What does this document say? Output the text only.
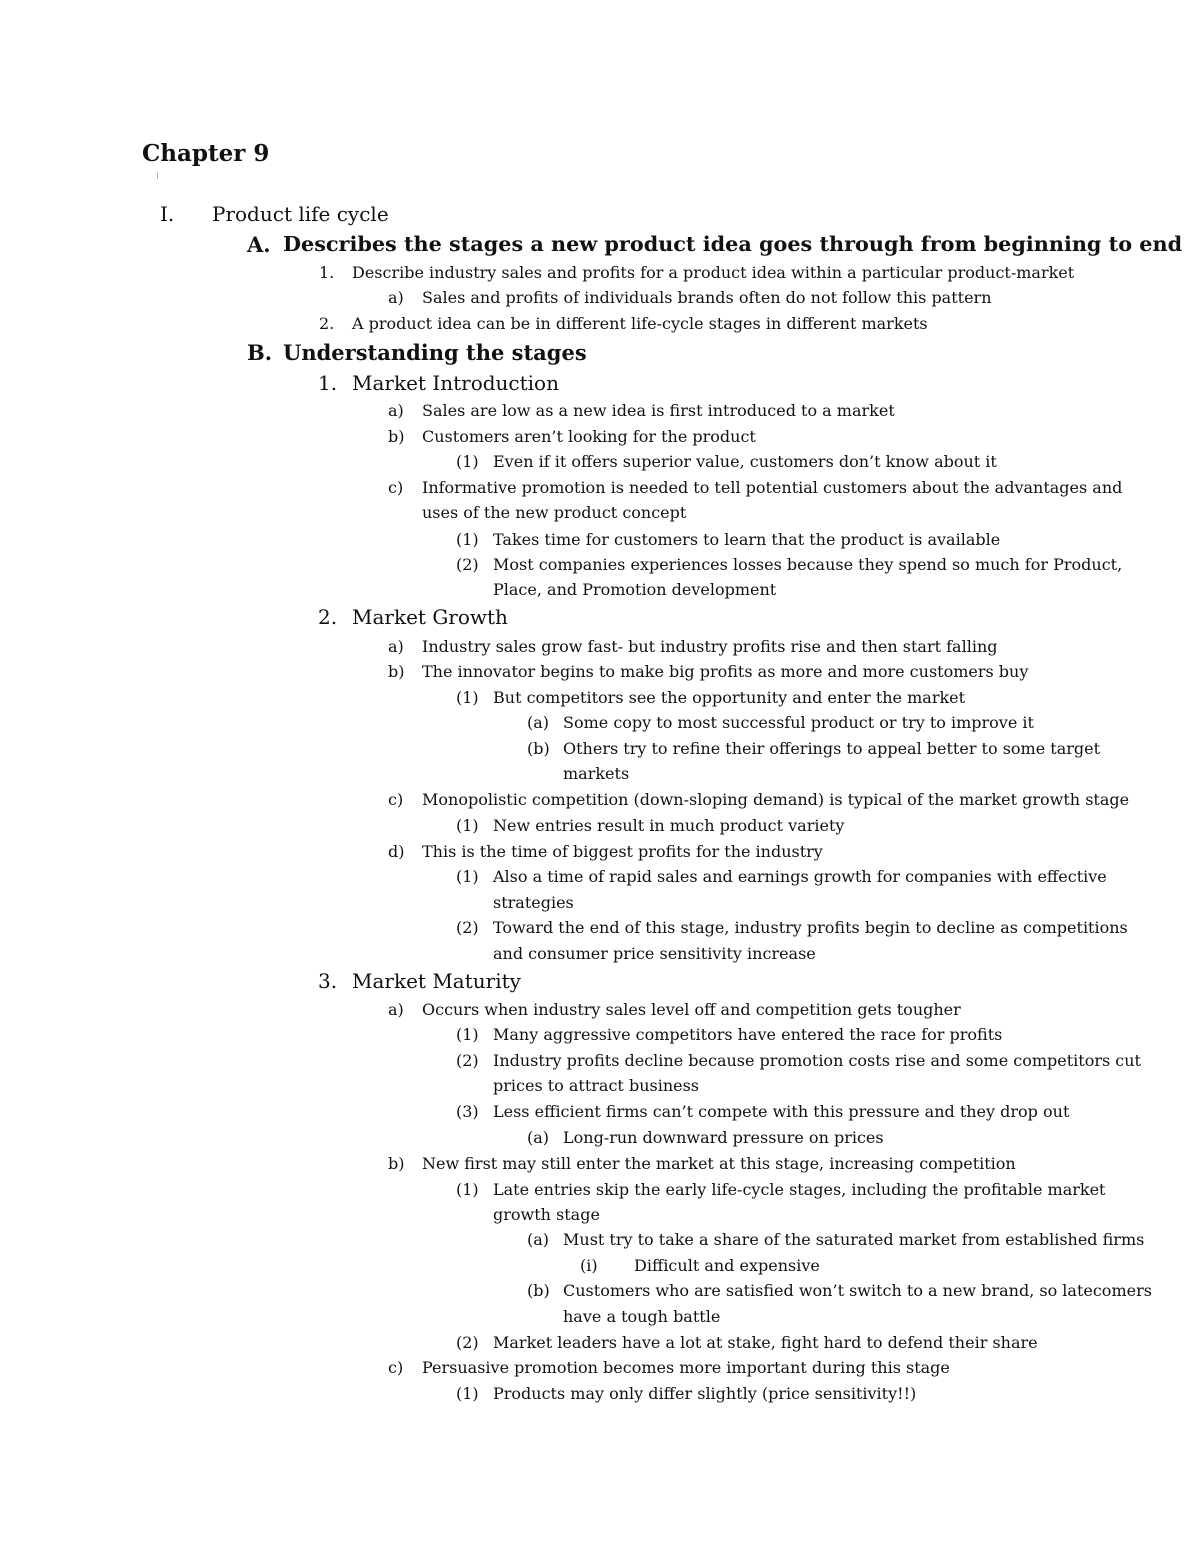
Chapter 9
I. Product life cycle
A. Describes the stages a new product idea goes through from beginning to end
1. Describe industry sales and profits for a product idea within a particular product-market
a) Sales and profits of individuals brands often do not follow this pattern
2. A product idea can be in different life-cycle stages in different markets
B. Understanding the stages
1. Market Introduction
a) Sales are low as a new idea is first introduced to a market
b) Customers aren’t looking for the product
(1) Even if it offers superior value, customers don’t know about it
c) Informative promotion is needed to tell potential customers about the advantages and
uses of the new product concept
(1) Takes time for customers to learn that the product is available
(2) Most companies experiences losses because they spend so much for Product,
Place, and Promotion development
2. Market Growth
a) Industry sales grow fast- but industry profits rise and then start falling
b) The innovator begins to make big profits as more and more customers buy
(1) But competitors see the opportunity and enter the market
(a) Some copy to most successful product or try to improve it
(b) Others try to refine their offerings to appeal better to some target
markets
c) Monopolistic competition (down-sloping demand) is typical of the market growth stage
(1) New entries result in much product variety
d) This is the time of biggest profits for the industry
(1) Also a time of rapid sales and earnings growth for companies with effective
strategies
(2) Toward the end of this stage, industry profits begin to decline as competitions
and consumer price sensitivity increase
3. Market Maturity
a) Occurs when industry sales level off and competition gets tougher
(1) Many aggressive competitors have entered the race for profits
(2) Industry profits decline because promotion costs rise and some competitors cut
prices to attract business
(3) Less efficient firms can’t compete with this pressure and they drop out
(a) Long-run downward pressure on prices
b) New first may still enter the market at this stage, increasing competition
(1) Late entries skip the early life-cycle stages, including the profitable market
growth stage
(a) Must try to take a share of the saturated market from established firms
(i) Difficult and expensive
(b) Customers who are satisfied won’t switch to a new brand, so latecomers
have a tough battle
(2) Market leaders have a lot at stake, fight hard to defend their share
c) Persuasive promotion becomes more important during this stage
(1) Products may only differ slightly (price sensitivity!!)
